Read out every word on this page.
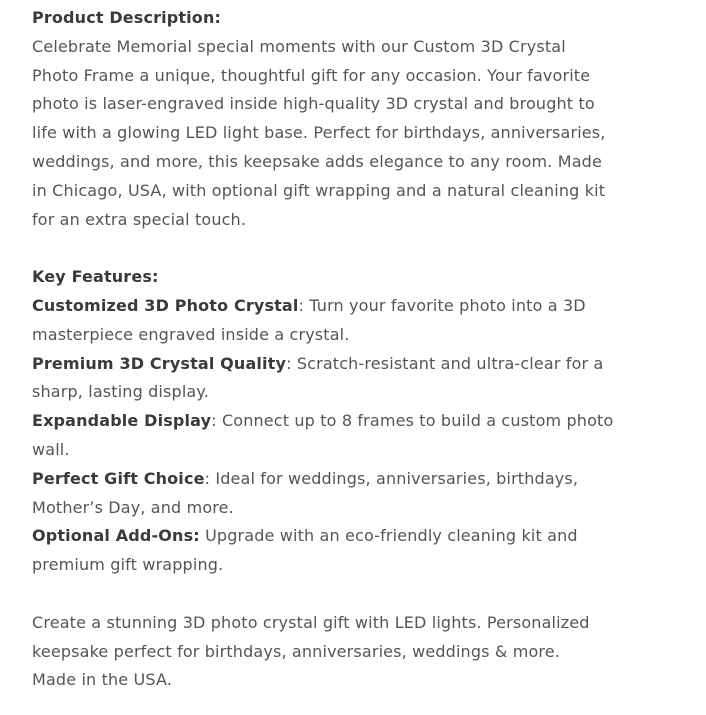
Product Description:
Celebrate Memorial special moments with our Custom 3D Crystal
Photo Frame a unique, thoughtful gift for any occasion. Your favorite
photo is laser-engraved inside high-quality 3D crystal and brought to
life with a glowing LED light base. Perfect for birthdays, anniversaries,
weddings, and more, this keepsake adds elegance to any room. Made
in Chicago, USA, with optional gift wrapping and a natural cleaning kit
for an extra special touch.
Key Features:
Customized 3D Photo Crystal: Turn your favorite photo into a 3D
masterpiece engraved inside a crystal.
Premium 3D Crystal Quality: Scratch-resistant and ultra-clear for a
sharp, lasting display.
Expandable Display: Connect up to 8 frames to build a custom photo
wall.
Perfect Gift Choice: Ideal for weddings, anniversaries, birthdays,
Mother’s Day, and more.
Optional Add-Ons: Upgrade with an eco-friendly cleaning kit and
premium gift wrapping.
Create a stunning 3D photo crystal gift with LED lights. Personalized
keepsake perfect for birthdays, anniversaries, weddings & more.
Made in the USA.
